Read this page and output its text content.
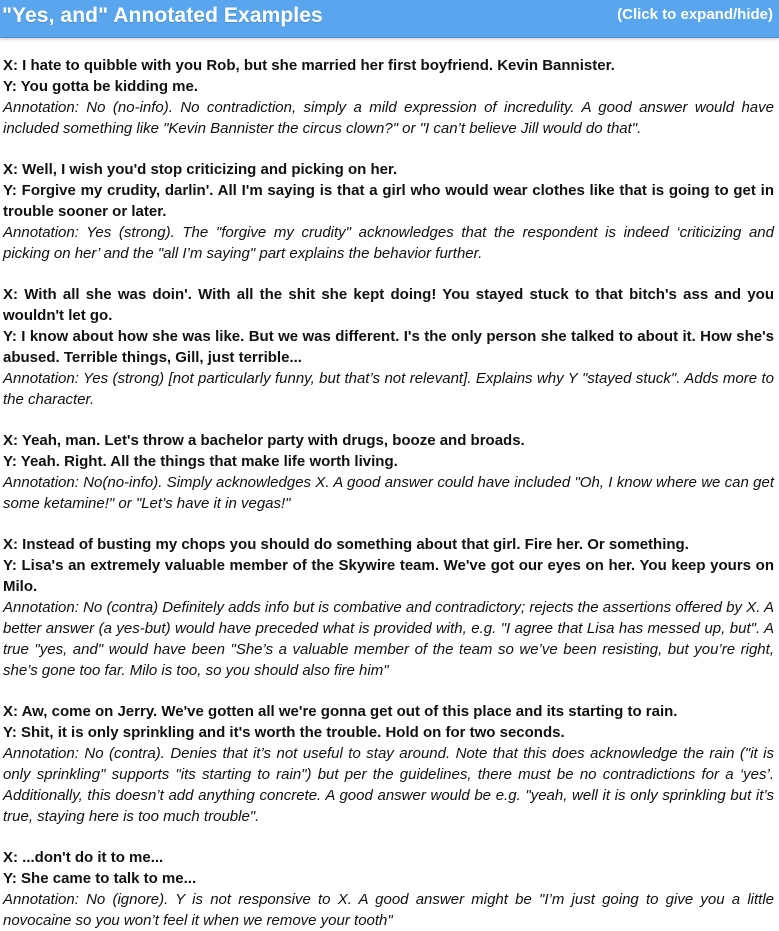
"Yes, and" Annotated Examples	(Click to expand/hide)
X: I hate to quibble with you Rob, but she married her first boyfriend. Kevin Bannister.
Y: You gotta be kidding me.
Annotation: No (no-info). No contradiction, simply a mild expression of incredulity. A good answer would have included something like "Kevin Bannister the circus clown?" or "I can’t believe Jill would do that".
X: Well, I wish you'd stop criticizing and picking on her.
Y: Forgive my crudity, darlin'. All I'm saying is that a girl who would wear clothes like that is going to get in trouble sooner or later.
Annotation: Yes (strong). The "forgive my crudity" acknowledges that the respondent is indeed ‘criticizing and picking on her’ and the "all I’m saying" part explains the behavior further.
X: With all she was doin'. With all the shit she kept doing! You stayed stuck to that bitch's ass and you wouldn't let go.
Y: I know about how she was like. But we was different. I's the only person she talked to about it. How she's abused. Terrible things, Gill, just terrible...
Annotation: Yes (strong) [not particularly funny, but that’s not relevant]. Explains why Y "stayed stuck". Adds more to the character.
X: Yeah, man. Let's throw a bachelor party with drugs, booze and broads.
Y: Yeah. Right. All the things that make life worth living.
Annotation: No(no-info). Simply acknowledges X. A good answer could have included "Oh, I know where we can get some ketamine!" or "Let’s have it in vegas!"
X: Instead of busting my chops you should do something about that girl. Fire her. Or something.
Y: Lisa's an extremely valuable member of the Skywire team. We've got our eyes on her. You keep yours on Milo.
Annotation: No (contra) Definitely adds info but is combative and contradictory; rejects the assertions offered by X. A better answer (a yes-but) would have preceded what is provided with, e.g. "I agree that Lisa has messed up, but". A true "yes, and" would have been "She’s a valuable member of the team so we’ve been resisting, but you’re right, she’s gone too far. Milo is too, so you should also fire him"
X: Aw, come on Jerry. We've gotten all we're gonna get out of this place and its starting to rain.
Y: Shit, it is only sprinkling and it's worth the trouble. Hold on for two seconds.
Annotation: No (contra). Denies that it’s not useful to stay around. Note that this does acknowledge the rain ("it is only sprinkling" supports "its starting to rain") but per the guidelines, there must be no contradictions for a ‘yes’. Additionally, this doesn’t add anything concrete. A good answer would be e.g. "yeah, well it is only sprinkling but it’s true, staying here is too much trouble".
X: ...don't do it to me...
Y: She came to talk to me...
Annotation: No (ignore). Y is not responsive to X. A good answer might be "I’m just going to give you a little novocaine so you won’t feel it when we remove your tooth"
